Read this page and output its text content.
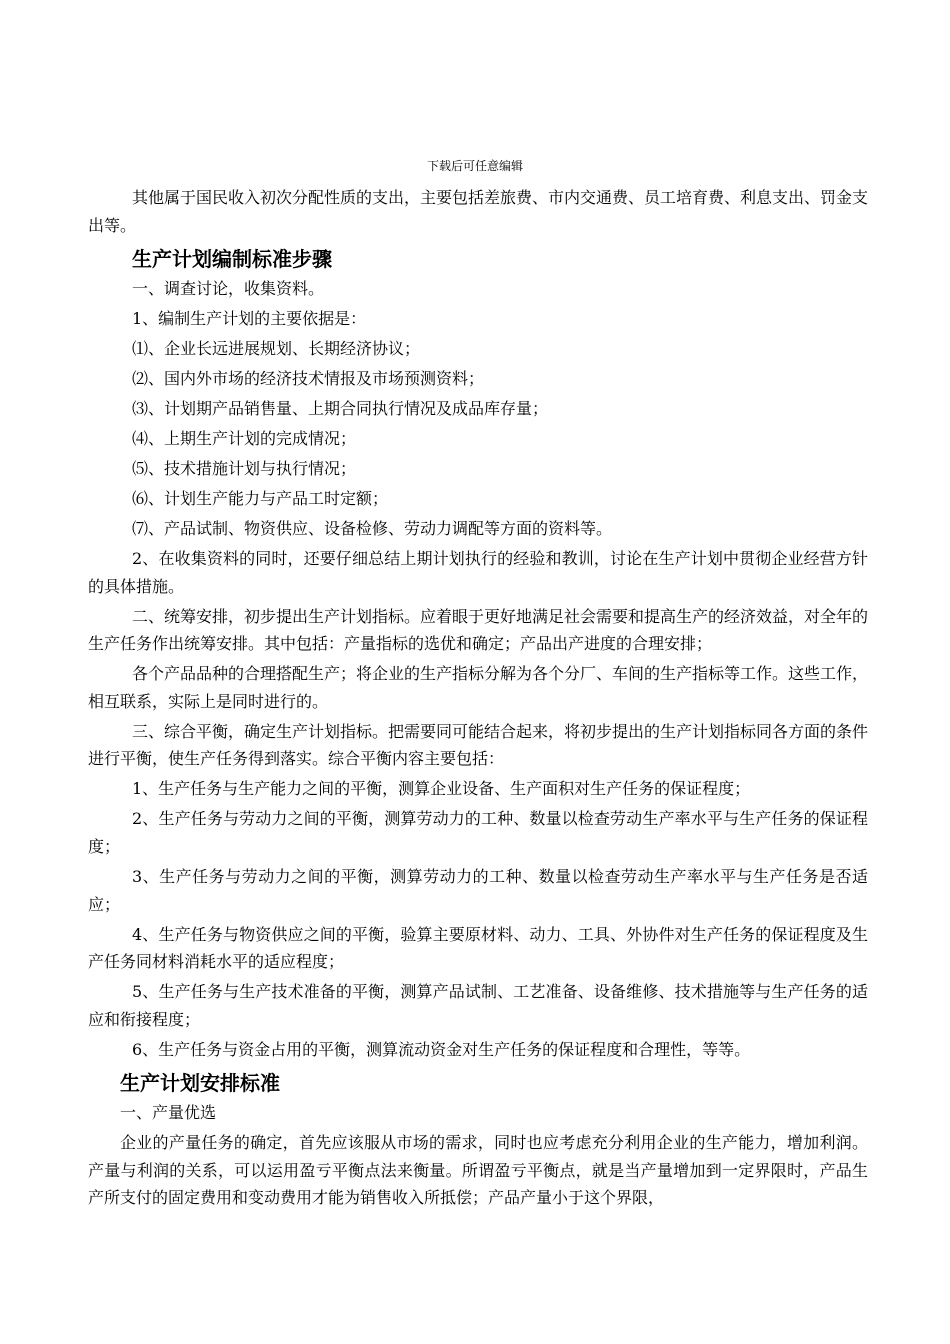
下载后可任意编辑

其他属于国民收入初次分配性质的支出，主要包括差旅费、市内交通费、员工培育费、利息支出、罚金支出等。

生产计划编制标准步骤

一、调查讨论，收集资料。

1、编制生产计划的主要依据是：

⑴、企业长远进展规划、长期经济协议；

⑵、国内外市场的经济技术情报及市场预测资料；

⑶、计划期产品销售量、上期合同执行情况及成品库存量；

⑷、上期生产计划的完成情况；

⑸、技术措施计划与执行情况；

⑹、计划生产能力与产品工时定额；

⑺、产品试制、物资供应、设备检修、劳动力调配等方面的资料等。

2、在收集资料的同时，还要仔细总结上期计划执行的经验和教训，讨论在生产计划中贯彻企业经营方针的具体措施。

二、统筹安排，初步提出生产计划指标。应着眼于更好地满足社会需要和提高生产的经济效益，对全年的生产任务作出统筹安排。其中包括：产量指标的选优和确定；产品出产进度的合理安排；

各个产品品种的合理搭配生产；将企业的生产指标分解为各个分厂、车间的生产指标等工作。这些工作，相互联系，实际上是同时进行的。

三、综合平衡，确定生产计划指标。把需要同可能结合起来，将初步提出的生产计划指标同各方面的条件进行平衡，使生产任务得到落实。综合平衡内容主要包括：

1、生产任务与生产能力之间的平衡，测算企业设备、生产面积对生产任务的保证程度；

2、生产任务与劳动力之间的平衡，测算劳动力的工种、数量以检查劳动生产率水平与生产任务的保证程度；

3、生产任务与劳动力之间的平衡，测算劳动力的工种、数量以检查劳动生产率水平与生产任务是否适应；

4、生产任务与物资供应之间的平衡，验算主要原材料、动力、工具、外协件对生产任务的保证程度及生产任务同材料消耗水平的适应程度；

5、生产任务与生产技术准备的平衡，测算产品试制、工艺准备、设备维修、技术措施等与生产任务的适应和衔接程度；

6、生产任务与资金占用的平衡，测算流动资金对生产任务的保证程度和合理性，等等。

生产计划安排标准

一、产量优选

企业的产量任务的确定，首先应该服从市场的需求，同时也应考虑充分利用企业的生产能力，增加利润。产量与利润的关系，可以运用盈亏平衡点法来衡量。所谓盈亏平衡点，就是当产量增加到一定界限时，产品生产所支付的固定费用和变动费用才能为销售收入所抵偿；产品产量小于这个界限，
